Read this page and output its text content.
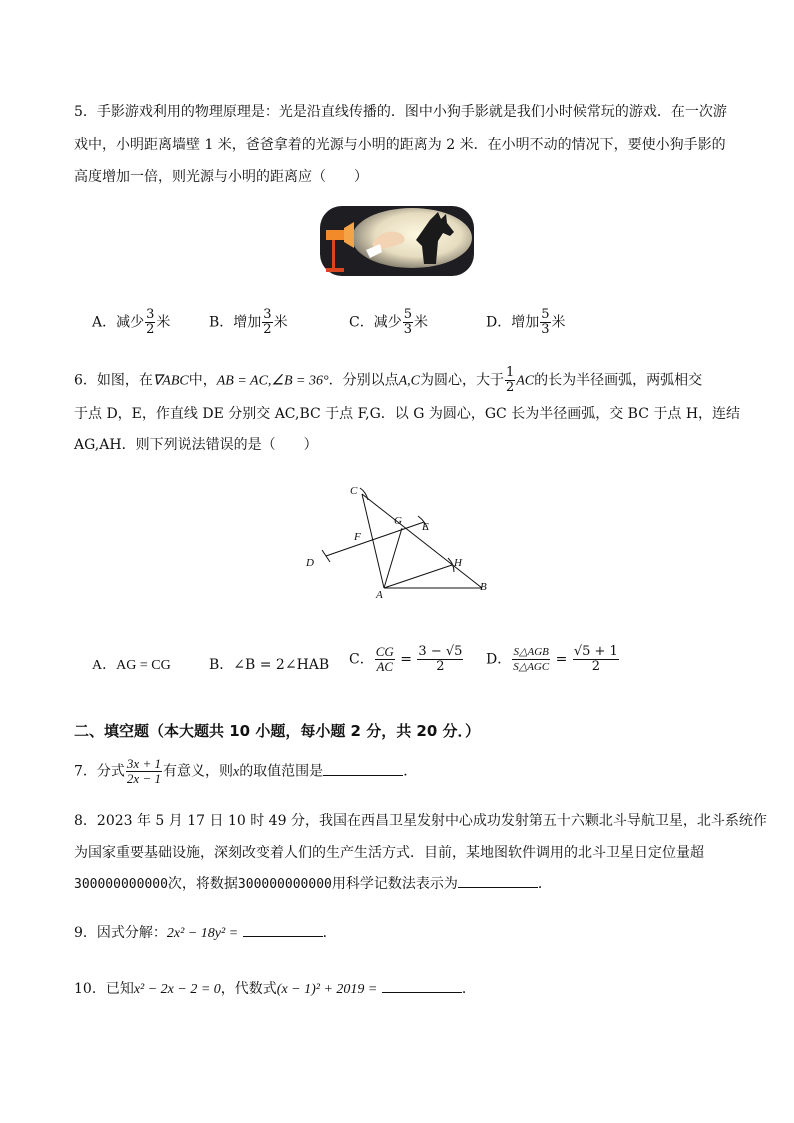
5．手影游戏利用的物理原理是：光是沿直线传播的．图中小狗手影就是我们小时候常玩的游戏．在一次游
戏中，小明距离墙壁 1 米，爸爸拿着的光源与小明的距离为 2 米．在小明不动的情况下，要使小狗手影的
高度增加一倍，则光源与小明的距离应（　　）
A．减少 $\frac{3}{2}$ 米	B．增加 $\frac{3}{2}$ 米	C．减少 $\frac{5}{3}$ 米	D．增加 $\frac{5}{3}$ 米
6．如图，在∇ABC中，AB = AC,∠B = 36°．分别以点A,C为圆心，大于 $\frac{1}{2}$ AC的长为半径画弧，两弧相交
于点 D，E，作直线 DE 分别交 AC,BC 于点 F,G．以 G 为圆心，GC 长为半径画弧，交 BC 于点 H，连结
AG,AH．则下列说法错误的是（　　）
C
G E
F
D	H
A
B
A．AG = CG	B．∠B = 2∠HAB C． $\frac{CG}{AC} = \frac{3 - √5}{2}$ D． $\frac{\text{S△AGB}}{\text{S△AGC}} = \frac{√5 + 1}{2}$
二、填空题（本大题共 10 小题，每小题 2 分，共 20 分．）
7．分式 $\frac{3x + 1}{2x - 1}$ 有意义，则x的取值范围是	．
8．2023 年 5 月 17 日 10 时 49 分，我国在西昌卫星发射中心成功发射第五十六颗北斗导航卫星，北斗系统作
为国家重要基础设施，深刻改变着人们的生产生活方式．目前，某地图软件调用的北斗卫星日定位量超
300000000000次，将数据300000000000用科学记数法表示为	．
9．因式分解：2x² − 18y² =	．
10．已知x² − 2x − 2 = 0，代数式(x − 1)² + 2019 =	．
